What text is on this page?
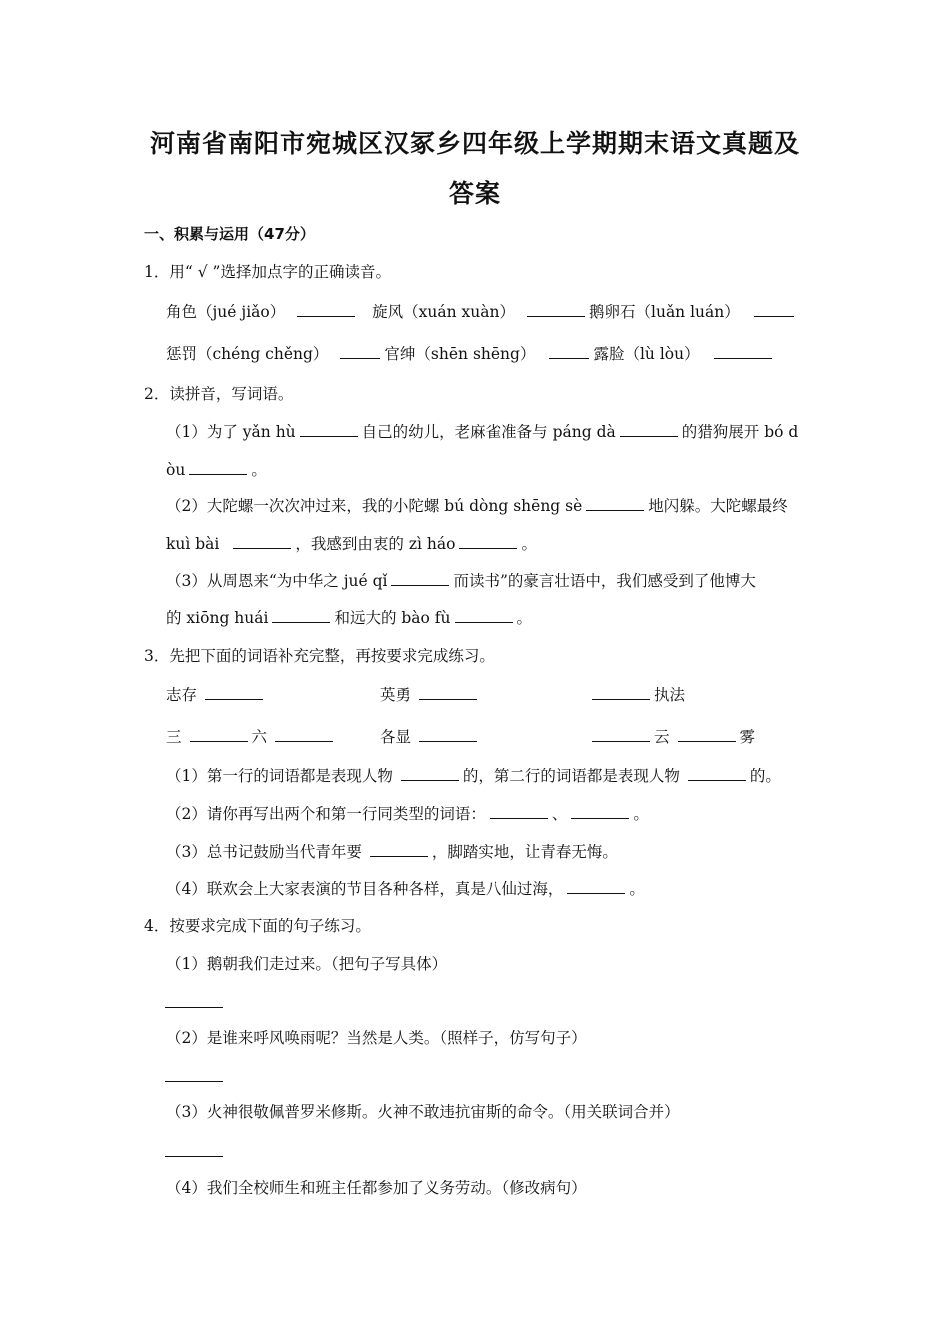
河南省南阳市宛城区汉冢乡四年级上学期期末语文真题及
答案
一、积累与运用（47分）
1．用“ √ ”选择加点字的正确读音。
角色（jué jiǎo）	旋风（xuán xuàn）	鹅卵石（luǎn luán）
惩罚（chéng chěng）	官绅（shēn shēng）	露脸（lù lòu）
2．读拼音，写词语。
（1）为了 yǎn hù	自己的幼儿，老麻雀准备与 páng dà	的猎狗展开 bó d
òu	。
（2）大陀螺一次次冲过来，我的小陀螺 bú dòng shēng sè	地闪躲。大陀螺最终
kuì bài	，我感到由衷的 zì háo	。
（3）从周恩来“为中华之 jué qǐ	而读书”的豪言壮语中，我们感受到了他博大
的 xiōng huái	和远大的 bào fù	。
3．先把下面的词语补充完整，再按要求完成练习。
志存	英勇	执法
三	六	各显	云	雾
（1）第一行的词语都是表现人物	的，第二行的词语都是表现人物	的。
（2）请你再写出两个和第一行同类型的词语：	、	。
（3）总书记鼓励当代青年要	，脚踏实地，让青春无悔。
（4）联欢会上大家表演的节目各种各样，真是八仙过海，	。
4．按要求完成下面的句子练习。
（1）鹅朝我们走过来。（把句子写具体）
（2）是谁来呼风唤雨呢？当然是人类。（照样子，仿写句子）
（3）火神很敬佩普罗米修斯。火神不敢违抗宙斯的命令。（用关联词合并）
（4）我们全校师生和班主任都参加了义务劳动。（修改病句）
